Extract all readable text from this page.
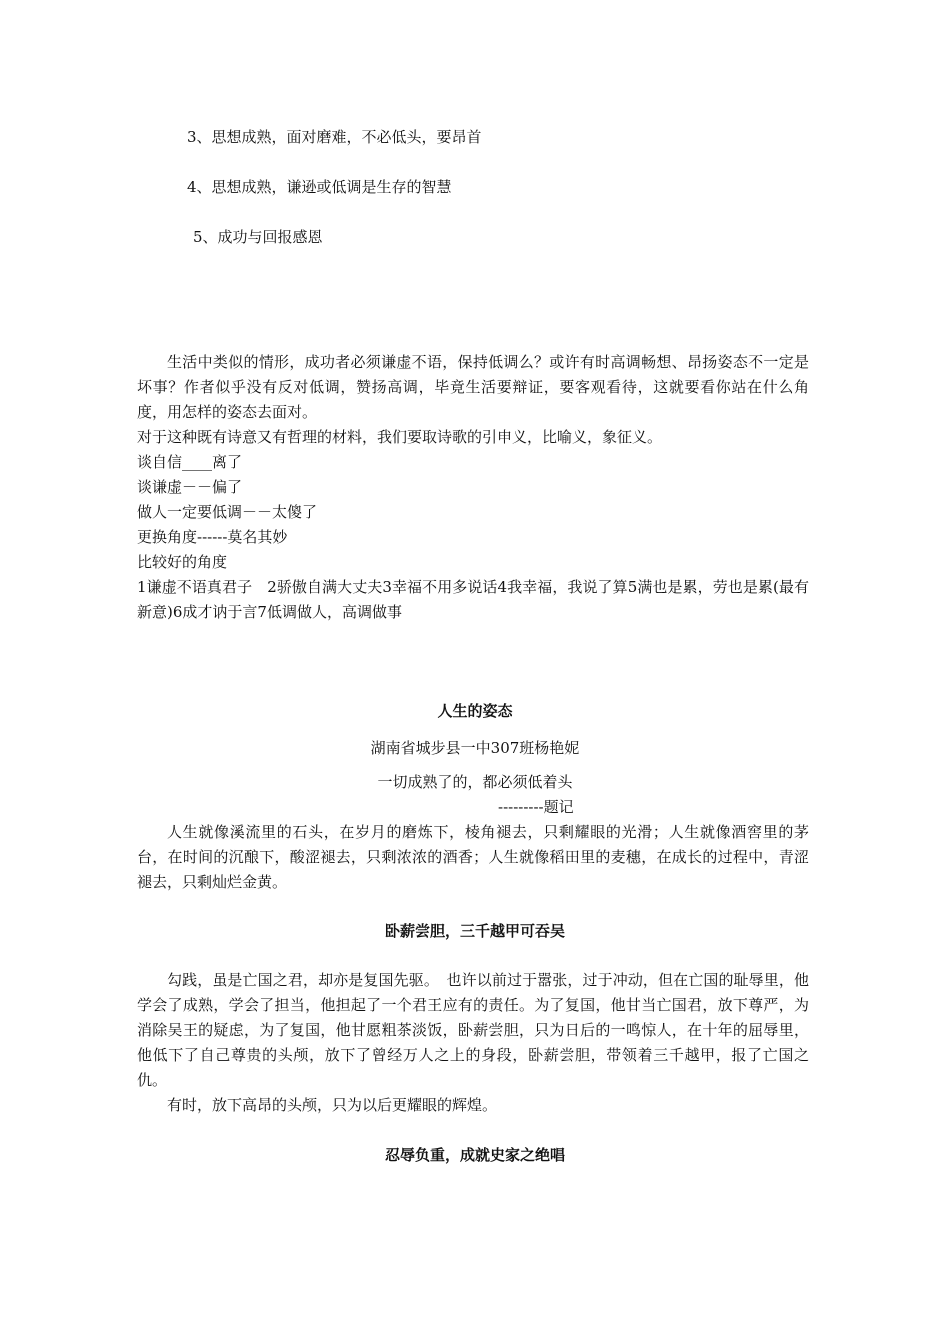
3、思想成熟，面对磨难，不必低头，要昂首
4、思想成熟，谦逊或低调是生存的智慧
5、成功与回报感恩
生活中类似的情形，成功者必须谦虚不语，保持低调么？或许有时高调畅想、昂扬姿态不一定是坏事？作者似乎没有反对低调，赞扬高调，毕竟生活要辩证，要客观看待，这就要看你站在什么角度，用怎样的姿态去面对。
对于这种既有诗意又有哲理的材料，我们要取诗歌的引申义，比喻义，象征义。
谈自信____离了
谈谦虚－－偏了
做人一定要低调－－太傻了
更换角度------莫名其妙
比较好的角度
1谦虚不语真君子　2骄傲自满大丈夫3幸福不用多说话4我幸福，我说了算5满也是累，劳也是累(最有新意)6成才讷于言7低调做人，高调做事
人生的姿态
湖南省城步县一中307班杨艳妮
一切成熟了的，都必须低着头
---------题记
人生就像溪流里的石头，在岁月的磨炼下，棱角褪去，只剩耀眼的光滑；人生就像酒窖里的茅台，在时间的沉酿下，酸涩褪去，只剩浓浓的酒香；人生就像稻田里的麦穗，在成长的过程中，青涩褪去，只剩灿烂金黄。
卧薪尝胆，三千越甲可吞吴
勾践，虽是亡国之君，却亦是复国先驱。　也许以前过于嚣张，过于冲动，但在亡国的耻辱里，他学会了成熟，学会了担当，他担起了一个君王应有的责任。为了复国，他甘当亡国君，放下尊严，为消除吴王的疑虑，为了复国，他甘愿粗茶淡饭，卧薪尝胆，只为日后的一鸣惊人，在十年的屈辱里，他低下了自己尊贵的头颅，放下了曾经万人之上的身段，卧薪尝胆，带领着三千越甲，报了亡国之仇。
有时，放下高昂的头颅，只为以后更耀眼的辉煌。
忍辱负重，成就史家之绝唱
